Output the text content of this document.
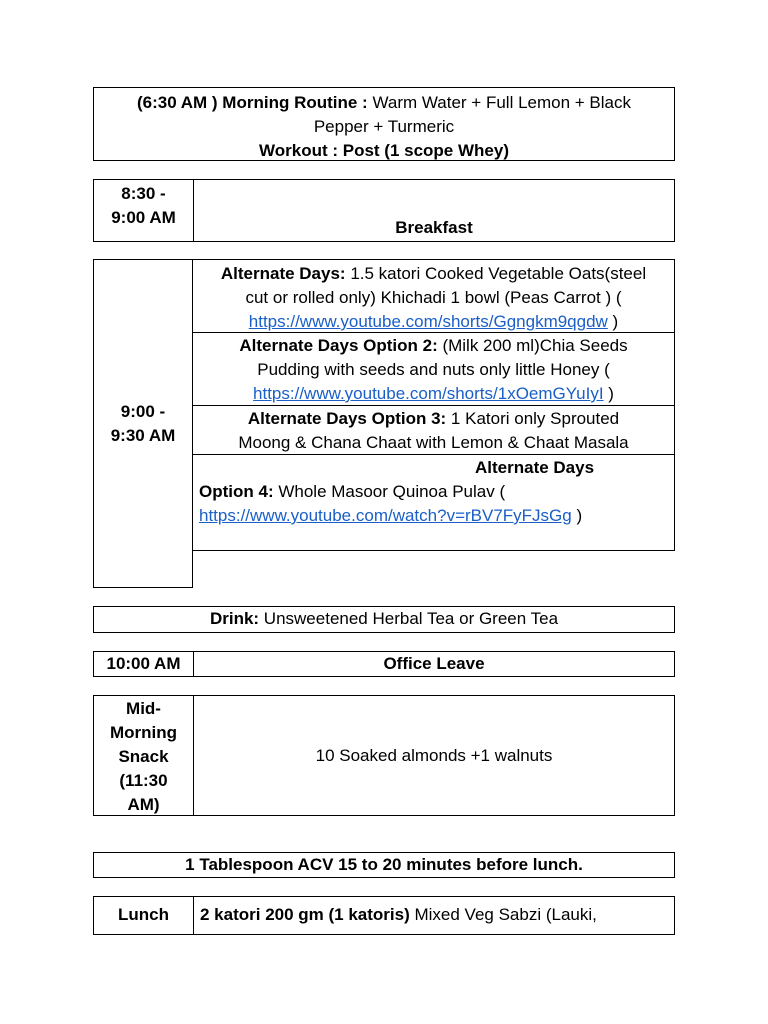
(6:30 AM ) Morning Routine : Warm Water + Full Lemon + Black
Pepper + Turmeric
Workout : Post (1 scope Whey)
8:30 -
9:00 AM
Breakfast
9:00 -
9:30 AM
Alternate Days: 1.5 katori Cooked Vegetable Oats(steel
cut or rolled only) Khichadi 1 bowl (Peas Carrot ) (
https://www.youtube.com/shorts/Ggngkm9qgdw )
Alternate Days Option 2: (Milk 200 ml)Chia Seeds
Pudding with seeds and nuts only little Honey (
https://www.youtube.com/shorts/1xOemGYuIyI )
Alternate Days Option 3: 1 Katori only Sprouted
Moong & Chana Chaat with Lemon & Chaat Masala
Alternate Days
Option 4: Whole Masoor Quinoa Pulav (
https://www.youtube.com/watch?v=rBV7FyFJsGg )
Drink: Unsweetened Herbal Tea or Green Tea
10:00 AM	Office Leave
Mid-
Morning
Snack
(11:30
AM)
10 Soaked almonds +1 walnuts
1 Tablespoon ACV 15 to 20 minutes before lunch.
Lunch	2 katori 200 gm (1 katoris) Mixed Veg Sabzi (Lauki,
